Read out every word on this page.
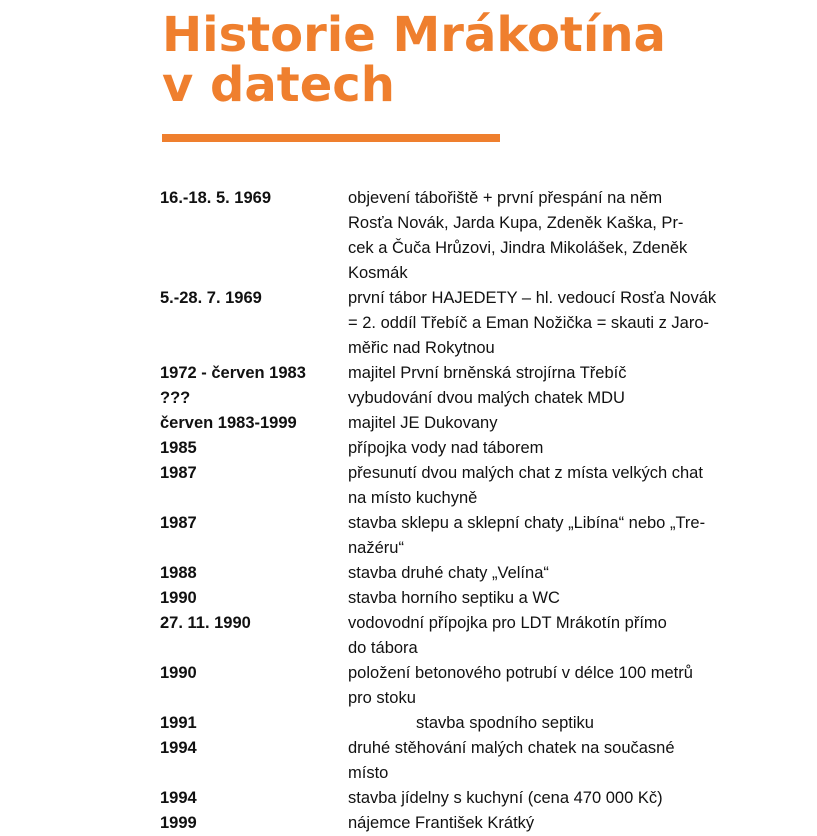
Historie Mrákotína
v datech
16.-18. 5. 1969	objevení tábořiště + první přespání na něm
Rosťa Novák, Jarda Kupa, Zdeněk Kaška, Pr-
cek a Čuča Hrůzovi, Jindra Mikolášek, Zdeněk
Kosmák
5.-28. 7. 1969	první tábor HAJEDETY – hl. vedoucí Rosťa Novák
= 2. oddíl Třebíč a Eman Nožička = skauti z Jaro-
měřic nad Rokytnou
1972 - červen 1983	majitel První brněnská strojírna Třebíč
???	vybudování dvou malých chatek MDU
červen 1983-1999	majitel JE Dukovany
1985	přípojka vody nad táborem
1987	přesunutí dvou malých chat z místa velkých chat
na místo kuchyně
1987	stavba sklepu a sklepní chaty „Libína“ nebo „Tre-
nažéru“
1988	stavba druhé chaty „Velína“
1990	stavba horního septiku a WC
27. 11. 1990	vodovodní přípojka pro LDT Mrákotín přímo
do tábora
1990	položení betonového potrubí v délce 100 metrů
pro stoku
1991	stavba spodního septiku
1994	druhé stěhování malých chatek na současné
místo
1994	stavba jídelny s kuchyní (cena 470 000 Kč)
1999	nájemce František Krátký
